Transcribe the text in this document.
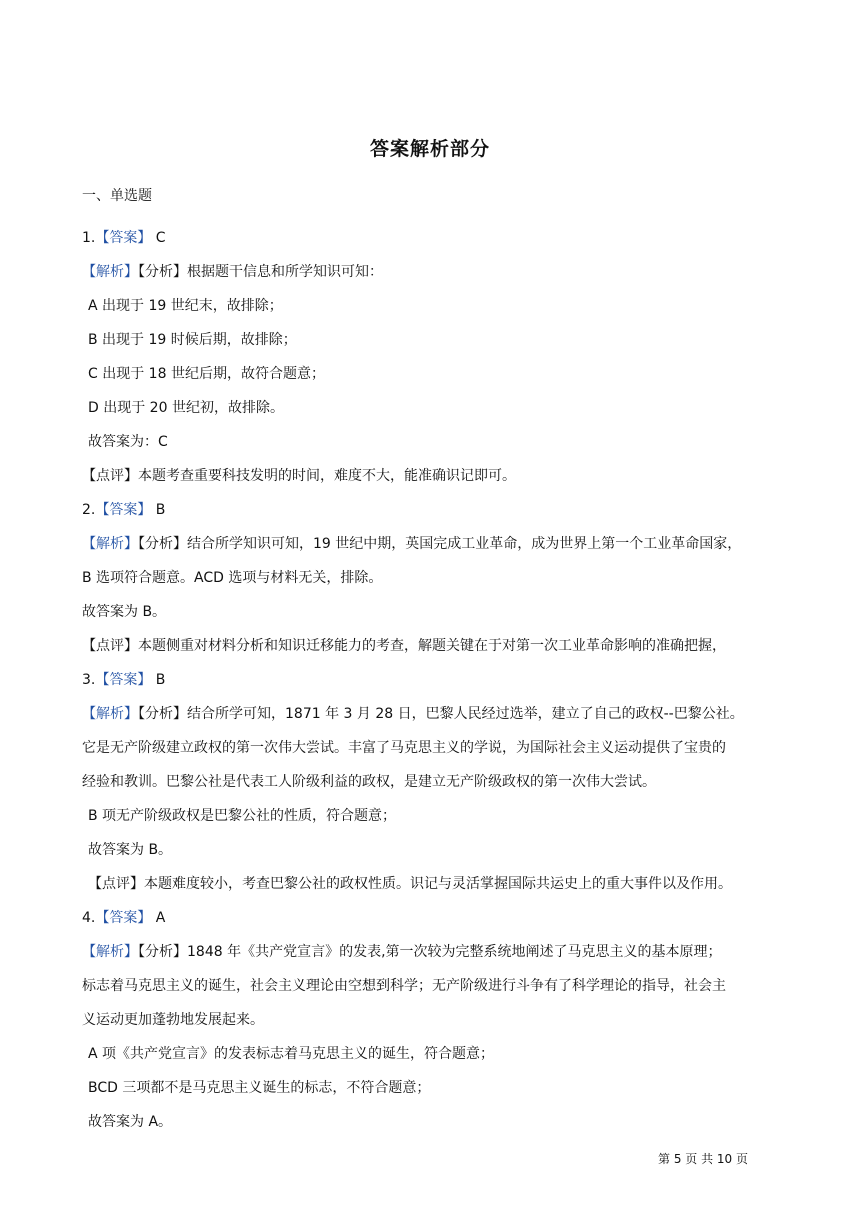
答案解析部分
一、单选题
1.【答案】 C
【解析】【分析】根据题干信息和所学知识可知：
A 出现于 19 世纪末，故排除；
B 出现于 19 时候后期，故排除；
C 出现于 18 世纪后期，故符合题意；
D 出现于 20 世纪初，故排除。
故答案为：C
【点评】本题考查重要科技发明的时间，难度不大，能准确识记即可。
2.【答案】 B
【解析】【分析】结合所学知识可知，19 世纪中期，英国完成工业革命，成为世界上第一个工业革命国家，
B 选项符合题意。ACD 选项与材料无关，排除。
故答案为 B。
【点评】本题侧重对材料分析和知识迁移能力的考查，解题关键在于对第一次工业革命影响的准确把握，
3.【答案】 B
【解析】【分析】结合所学可知，1871 年 3 月 28 日，巴黎人民经过选举，建立了自己的政权--巴黎公社。
它是无产阶级建立政权的第一次伟大尝试。丰富了马克思主义的学说，为国际社会主义运动提供了宝贵的
经验和教训。巴黎公社是代表工人阶级利益的政权，是建立无产阶级政权的第一次伟大尝试。
B 项无产阶级政权是巴黎公社的性质，符合题意；
故答案为 B。
【点评】本题难度较小，考查巴黎公社的政权性质。识记与灵活掌握国际共运史上的重大事件以及作用。
4.【答案】 A
【解析】【分析】1848 年《共产党宣言》的发表,第一次较为完整系统地阐述了马克思主义的基本原理；
标志着马克思主义的诞生，社会主义理论由空想到科学；无产阶级进行斗争有了科学理论的指导，社会主
义运动更加蓬勃地发展起来。
A 项《共产党宣言》的发表标志着马克思主义的诞生，符合题意；
BCD 三项都不是马克思主义诞生的标志，不符合题意；
故答案为 A。
第 5 页 共 10 页
